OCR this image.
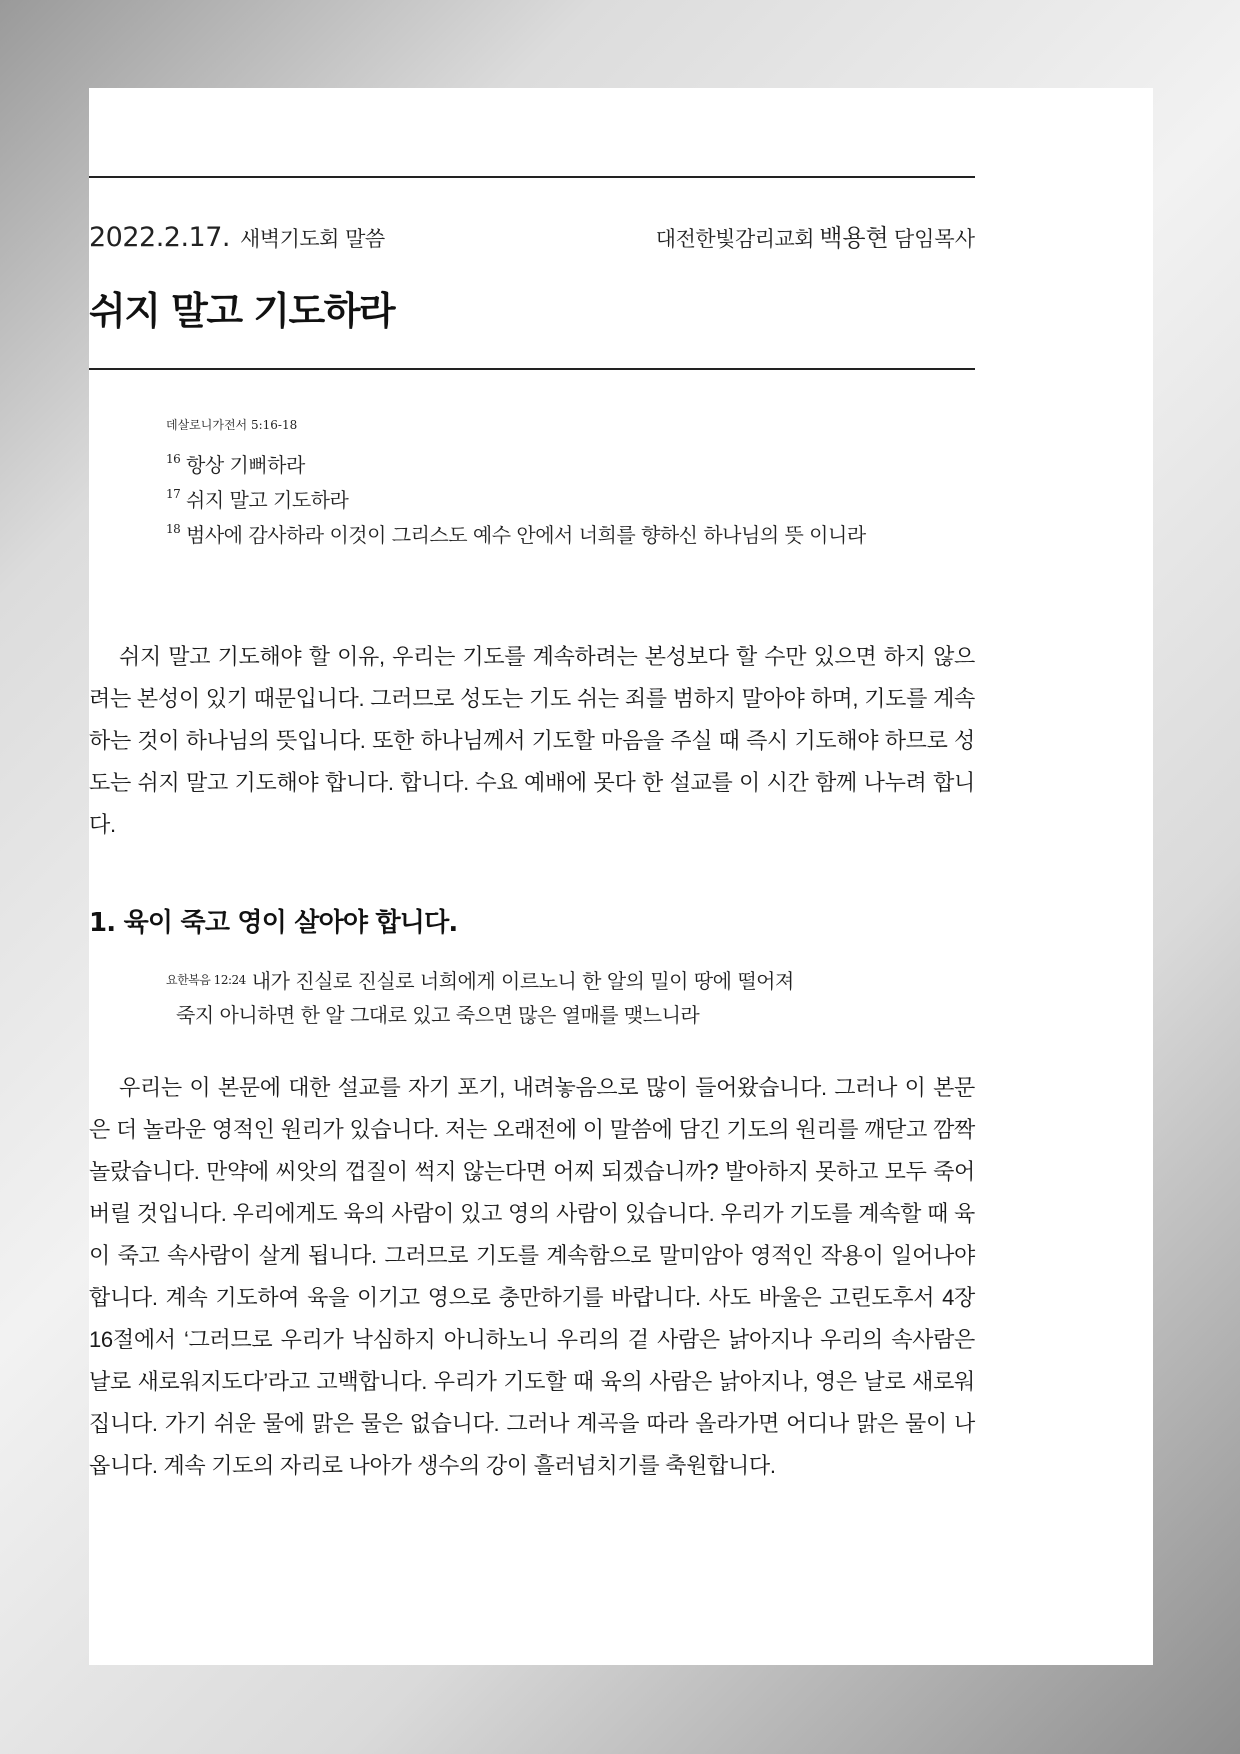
2022.2.17. 새벽기도회 말씀	대전한빛감리교회 백용현 담임목사
쉬지 말고 기도하라
데살로니가전서 5:16-18
16 항상 기뻐하라
17 쉬지 말고 기도하라
18 범사에 감사하라 이것이 그리스도 예수 안에서 너희를 향하신 하나님의 뜻 이니라

쉬지 말고 기도해야 할 이유, 우리는 기도를 계속하려는 본성보다 할 수만 있으면 하지 않으려는 본성이 있기 때문입니다. 그러므로 성도는 기도 쉬는 죄를 범하지 말아야 하며, 기도를 계속하는 것이 하나님의 뜻입니다. 또한 하나님께서 기도할 마음을 주실 때 즉시 기도해야 하므로 성도는 쉬지 말고 기도해야 합니다. 합니다. 수요 예배에 못다 한 설교를 이 시간 함께 나누려 합니다.

1. 육이 죽고 영이 살아야 합니다.
$^{요한복음 12:24}$ 내가 진실로 진실로 너희에게 이르노니 한 알의 밀이 땅에 떨어져
죽지 아니하면 한 알 그대로 있고 죽으면 많은 열매를 맺느니라

우리는 이 본문에 대한 설교를 자기 포기, 내려놓음으로 많이 들어왔습니다. 그러나 이 본문은 더 놀라운 영적인 원리가 있습니다. 저는 오래전에 이 말씀에 담긴 기도의 원리를 깨닫고 깜짝 놀랐습니다. 만약에 씨앗의 껍질이 썩지 않는다면 어찌 되겠습니까? 발아하지 못하고 모두 죽어버릴 것입니다. 우리에게도 육의 사람이 있고 영의 사람이 있습니다. 우리가 기도를 계속할 때 육이 죽고 속사람이 살게 됩니다. 그러므로 기도를 계속함으로 말미암아 영적인 작용이 일어나야 합니다. 계속 기도하여 육을 이기고 영으로 충만하기를 바랍니다. 사도 바울은 고린도후서 4장 16절에서 ‘그러므로 우리가 낙심하지 아니하노니 우리의 겉 사람은 낡아지나 우리의 속사람은 날로 새로워지도다’라고 고백합니다. 우리가 기도할 때 육의 사람은 낡아지나, 영은 날로 새로워집니다. 가기 쉬운 물에 맑은 물은 없습니다. 그러나 계곡을 따라 올라가면 어디나 맑은 물이 나옵니다. 계속 기도의 자리로 나아가 생수의 강이 흘러넘치기를 축원합니다.
